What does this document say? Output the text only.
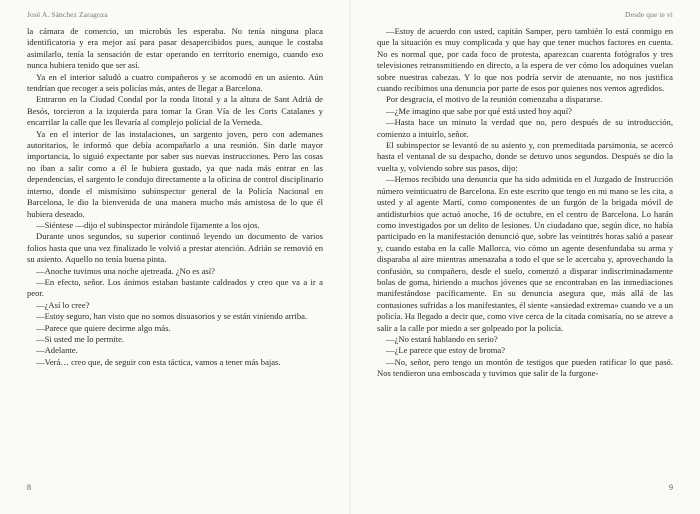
José A. Sánchez Zaragoza

la cámara de comercio, un microbús les esperaba. No tenía ninguna placa identificatoria y era mejor así para pasar desapercibidos pues, aunque le costaba asimilarlo, tenía la sensación de estar operando en territorio enemigo, cuando eso nunca hubiera tenido que ser así.

Ya en el interior saludó a cuatro compañeros y se acomodó en un asiento. Aún tendrían que recoger a seis policías más, antes de llegar a Barcelona.

Entraron en la Ciudad Condal por la ronda litoral y a la altura de Sant Adrià de Besós, torcieron a la izquierda para tomar la Gran Vía de les Corts Catalanes y encarrilar la calle que les llevaría al complejo policial de la Verneda.

Ya en el interior de las instalaciones, un sargento joven, pero con ademanes autoritarios, le informó que debía acompañarlo a una reunión. Sin darle mayor importancia, lo siguió expectante por saber sus nuevas instrucciones. Pero las cosas no iban a salir como a él le hubiera gustado, ya que nada más entrar en las dependencias, el sargento le condujo directamente a la oficina de control disciplinario interno, donde el mismísimo subinspector general de la Policía Nacional en Barcelona, le dio la bienvenida de una manera mucho más amistosa de lo que él hubiera deseado.

—Siéntese —dijo el subinspector mirándole fijamente a los ojos.

Durante unos segundos, su superior continuó leyendo un documento de varios folios hasta que una vez finalizado le volvió a prestar atención. Adrián se removió en su asiento. Aquello no tenía buena pinta.

—Anoche tuvimos una noche ajetreada. ¿No es así?

—En efecto, señor. Los ánimos estaban bastante caldeados y creo que va a ir a peor.

—¿Así lo cree?

—Estoy seguro, han visto que no somos disuasorios y se están viniendo arriba.

—Parece que quiere decirme algo más.

—Si usted me lo permite.

—Adelante.

—Verá… creo que, de seguir con esta táctica, vamos a tener más bajas.

8
Desde que te vi

—Estoy de acuerdo con usted, capitán Samper, pero también lo está conmigo en que la situación es muy complicada y que hay que tener muchos factores en cuenta. No es normal que, por cada foco de protesta, aparezcan cuarenta fotógrafos y tres televisiones retransmitiendo en directo, a la espera de ver cómo los adoquines vuelan sobre nuestras cabezas. Y lo que nos podría servir de atenuante, no nos justifica cuando recibimos una denuncia por parte de esos por quienes nos vemos agredidos.

Por desgracia, el motivo de la reunión comenzaba a dispararse.

—¿Me imagino que sabe por qué está usted hoy aquí?

—Hasta hace un minuto la verdad que no, pero después de su introducción, comienzo a intuirlo, señor.

El subinspector se levantó de su asiento y, con premeditada parsimonia, se acercó hasta el ventanal de su despacho, donde se detuvo unos segundos. Después se dio la vuelta y, volviendo sobre sus pasos, dijo:

—Hemos recibido una denuncia que ha sido admitida en el Juzgado de Instrucción número veinticuatro de Barcelona. En este escrito que tengo en mi mano se les cita, a usted y al agente Martí, como componentes de un furgón de la brigada móvil de antidisturbios que actuó anoche, 16 de octubre, en el centro de Barcelona. Lo harán como investigados por un delito de lesiones. Un ciudadano que, según dice, no había participado en la manifestación denunció que, sobre las veintitrés horas salió a pasear y, cuando estaba en la calle Mallorca, vio cómo un agente desenfundaba su arma y disparaba al aire mientras amenazaba a todo el que se le acercaba y, aprovechando la confusión, su compañero, desde el suelo, comenzó a disparar indiscriminadamente bolas de goma, hiriendo a muchos jóvenes que se encontraban en las inmediaciones manifestándose pacíficamente. En su denuncia asegura que, más allá de las contusiones sufridas a los manifestantes, él siente «ansiedad extrema» cuando ve a un policía. Ha llegado a decir que, como vive cerca de la citada comisaría, no se atreve a salir a la calle por miedo a ser golpeado por la policía.

—¿No estará hablando en serio?

—¿Le parece que estoy de broma?

—No, señor, pero tengo un montón de testigos que pueden ratificar lo que pasó. Nos tendieron una emboscada y tuvimos que salir de la furgone-

9
